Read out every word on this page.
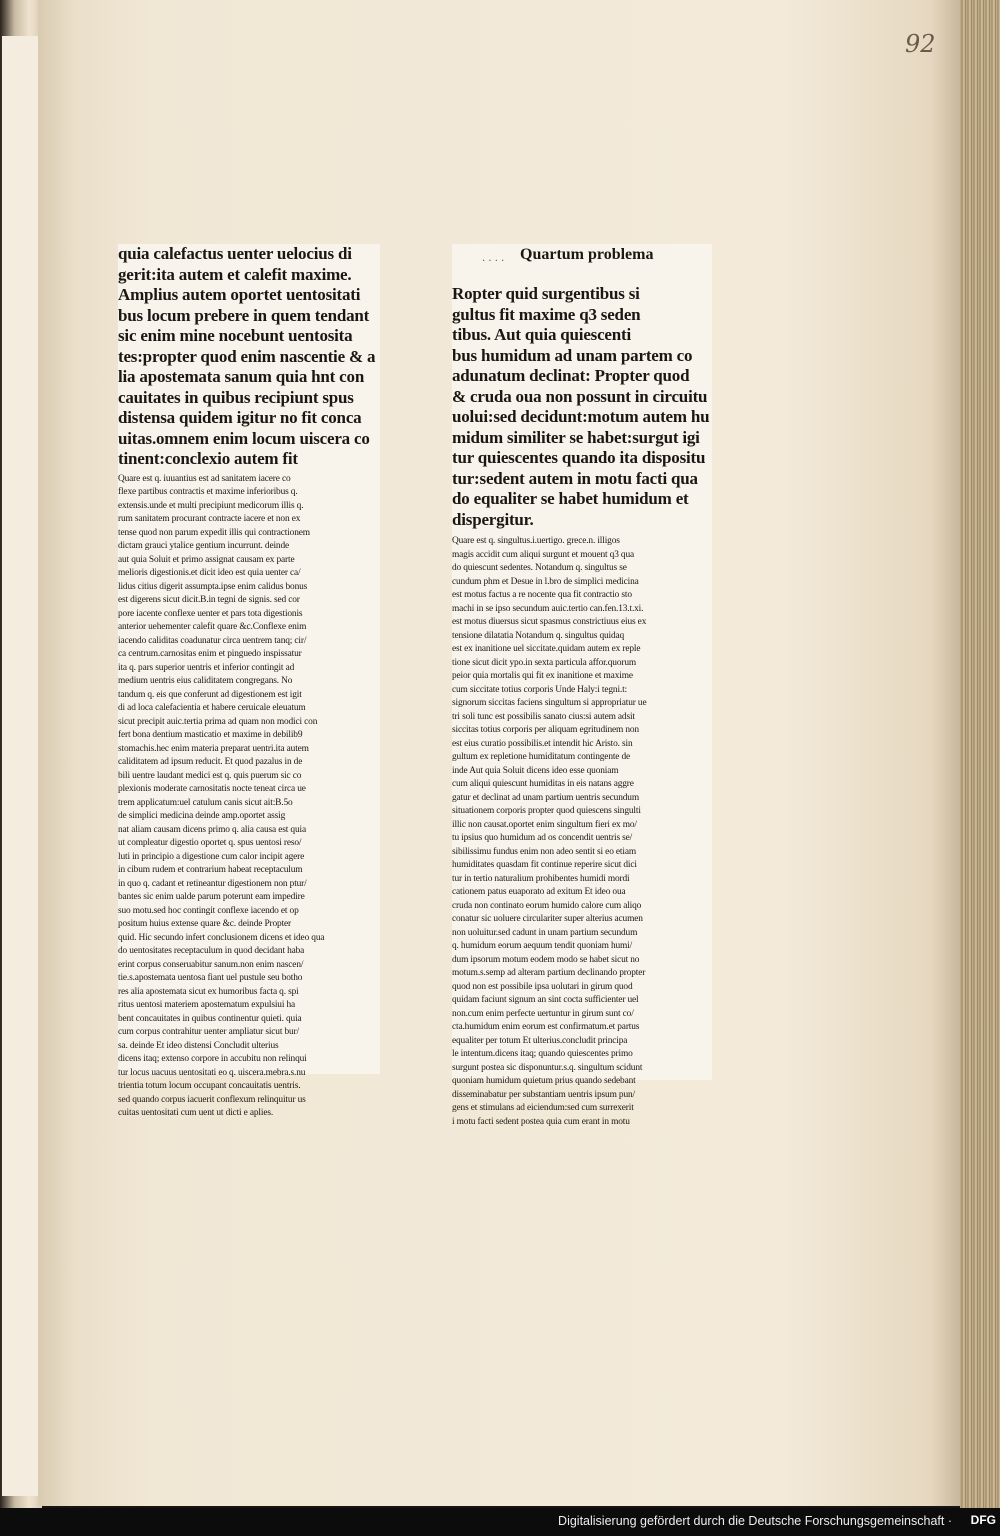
92
quia calefactus uenter uelocius di
gerit:ita autem et calefit maxime.
Amplius autem oportet uentositati
bus locum prebere in quem tendant
sic enim mine nocebunt uentosita
tes:propter quod enim nascentie & a
lia apostemata sanum quia hnt con
cauitates in quibus recipiunt spus
distensa quidem igitur no fit conca
uitas.omnem enim locum uiscera co
tinent:conclexio autem fit
Quare est q. iuuantius est ad sanitatem iacere co
flexe partibus contractis et maxime inferioribus q.
extensis.unde et multi precipiunt medicorum illis q.
rum sanitatem procurant contracte iacere et non ex
tense quod non parum expedit illis qui contractionem
dictam grauci ytalice gentium incurrunt. deinde
aut quia Soluit et primo assignat causam ex parte
melioris digestionis.et dicit ideo est quia uenter ca/
lidus citius digerit assumpta.ipse enim calidus bonus
est digerens sicut dicit.B.in tegni de signis. sed cor
pore iacente conflexe uenter et pars tota digestionis
anterior uehementer calefit quare &c.Conflexe enim
iacendo caliditas coadunatur circa uentrem tanq; cir/
ca centrum.carnositas enim et pinguedo inspissatur
ita q. pars superior uentris et inferior contingit ad
medium uentris eius caliditatem congregans. No
tandum q. eis que conferunt ad digestionem est igit
di ad loca calefacientia et habere ceruicale eleuatum
sicut precipit auic.tertia prima ad quam non modici con
fert bona dentium masticatio et maxime in debilib9
stomachis.hec enim materia preparat uentri.ita autem
caliditatem ad ipsum reducit. Et quod pazalus in de
bili uentre laudant medici est q. quis puerum sic co
plexionis moderate carnositatis nocte teneat circa ue
trem applicatum:uel catulum canis sicut ait:B.5o
de simplici medicina deinde amp.oportet assig
nat aliam causam dicens primo q. alia causa est quia
ut compleatur digestio oportet q. spus uentosi reso/
luti in principio a digestione cum calor incipit agere
in cibum rudem et contrarium habeat receptaculum
in quo q. cadant et retineantur digestionem non ptur/
bantes sic enim ualde parum poterunt eam impedire
suo motu.sed hoc contingit conflexe iacendo et op
positum huius extense quare &c. deinde Propter
quid. Hic secundo infert conclusionem dicens et ideo qua
do uentositates receptaculum in quod decidant haba
erint corpus conseruabitur sanum.non enim nascen/
tie.s.apostemata uentosa fiant uel pustule seu botho
res alia apostemata sicut ex humoribus facta q. spi
ritus uentosi materiem apostematum expulsiui ha
bent concauitates in quibus continentur quieti. quia
cum corpus contrahitur uenter ampliatur sicut bur/
sa. deinde Et ideo distensi Concludit ulterius
dicens itaq; extenso corpore in accubitu non relinqui
tur locus uacuus uentositati eo q. uiscera.mebra.s.nu
trientia totum locum occupant concauitatis uentris.
sed quando corpus iacuerit conflexum relinquitur us
cuitas uentositati cum uent ut dicti e aplies.
· · · · Quartum problema
Ropter quid surgentibus si
gultus fit maxime q3 seden
tibus. Aut quia quiescenti
bus humidum ad unam partem co
adunatum declinat: Propter quod
& cruda oua non possunt in circuitu
uolui:sed decidunt:motum autem hu
midum similiter se habet:surgut igi
tur quiescentes quando ita dispositu
tur:sedent autem in motu facti qua
do equaliter se habet humidum et
dispergitur.
Quare est q. singultus.i.uertigo. grece.n. illigos
magis accidit cum aliqui surgunt et mouent q3 qua
do quiescunt sedentes. Notandum q. singultus se
cundum phm et Desue in l.bro de simplici medicina
est motus factus a re nocente qua fit contractio sto
machi in se ipso secundum auic.tertio can.fen.13.t.xi.
est motus diuersus sicut spasmus constrictiuus eius ex
tensione dilatatia Notandum q. singultus quidaq
est ex inanitione uel siccitate.quidam autem ex reple
tione sicut dicit ypo.in sexta particula affor.quorum
peior quia mortalis qui fit ex inanitione et maxime
cum siccitate totius corporis Unde Haly:i tegni.t:
signorum siccitas faciens singultum si appropriatur ue
tri soli tunc est possibilis sanato cius:si autem adsit
siccitas totius corporis per aliquam egritudinem non
est eius curatio possibilis.et intendit hic Aristo. sin
gultum ex repletione humiditatum contingente de
inde Aut quia Soluit dicens ideo esse quoniam
cum aliqui quiescunt humiditas in eis natans aggre
gatur et declinat ad unam partium uentris secundum
situationem corporis propter quod quiescens singulti
illic non causat.oportet enim singultum fieri ex mo/
tu ipsius quo humidum ad os concendit uentris se/
sibilissimu fundus enim non adeo sentit si eo etiam
humiditates quasdam fit continue reperire sicut dici
tur in tertio naturalium prohibentes humidi mordi
cationem patus euaporato ad exitum Et ideo oua
cruda non continato eorum humido calore cum aliqo
conatur sic uoluere circulariter super alterius acumen
non uoluitur.sed cadunt in unam partium secundum
q. humidum eorum aequum tendit quoniam humi/
dum ipsorum motum eodem modo se habet sicut no
motum.s.semp ad alteram partium declinando propter
quod non est possibile ipsa uolutari in girum quod
quidam faciunt signum an sint cocta sufficienter uel
non.cum enim perfecte uertuntur in girum sunt co/
cta.humidum enim eorum est confirmatum.et partus
equaliter per totum Et ulterius.concludit principa
le intentum.dicens itaq; quando quiescentes primo
surgunt postea sic disponuntur.s.q. singultum scidunt
quoniam humidum quietum prius quando sedebant
disseminabatur per substantiam uentris ipsum pun/
gens et stimulans ad eiciendum:sed cum surrexerit
i motu facti sedent postea quia cum erant in motu
Digitalisierung gefördert durch die Deutsche Forschungsgemeinschaft · DFG
